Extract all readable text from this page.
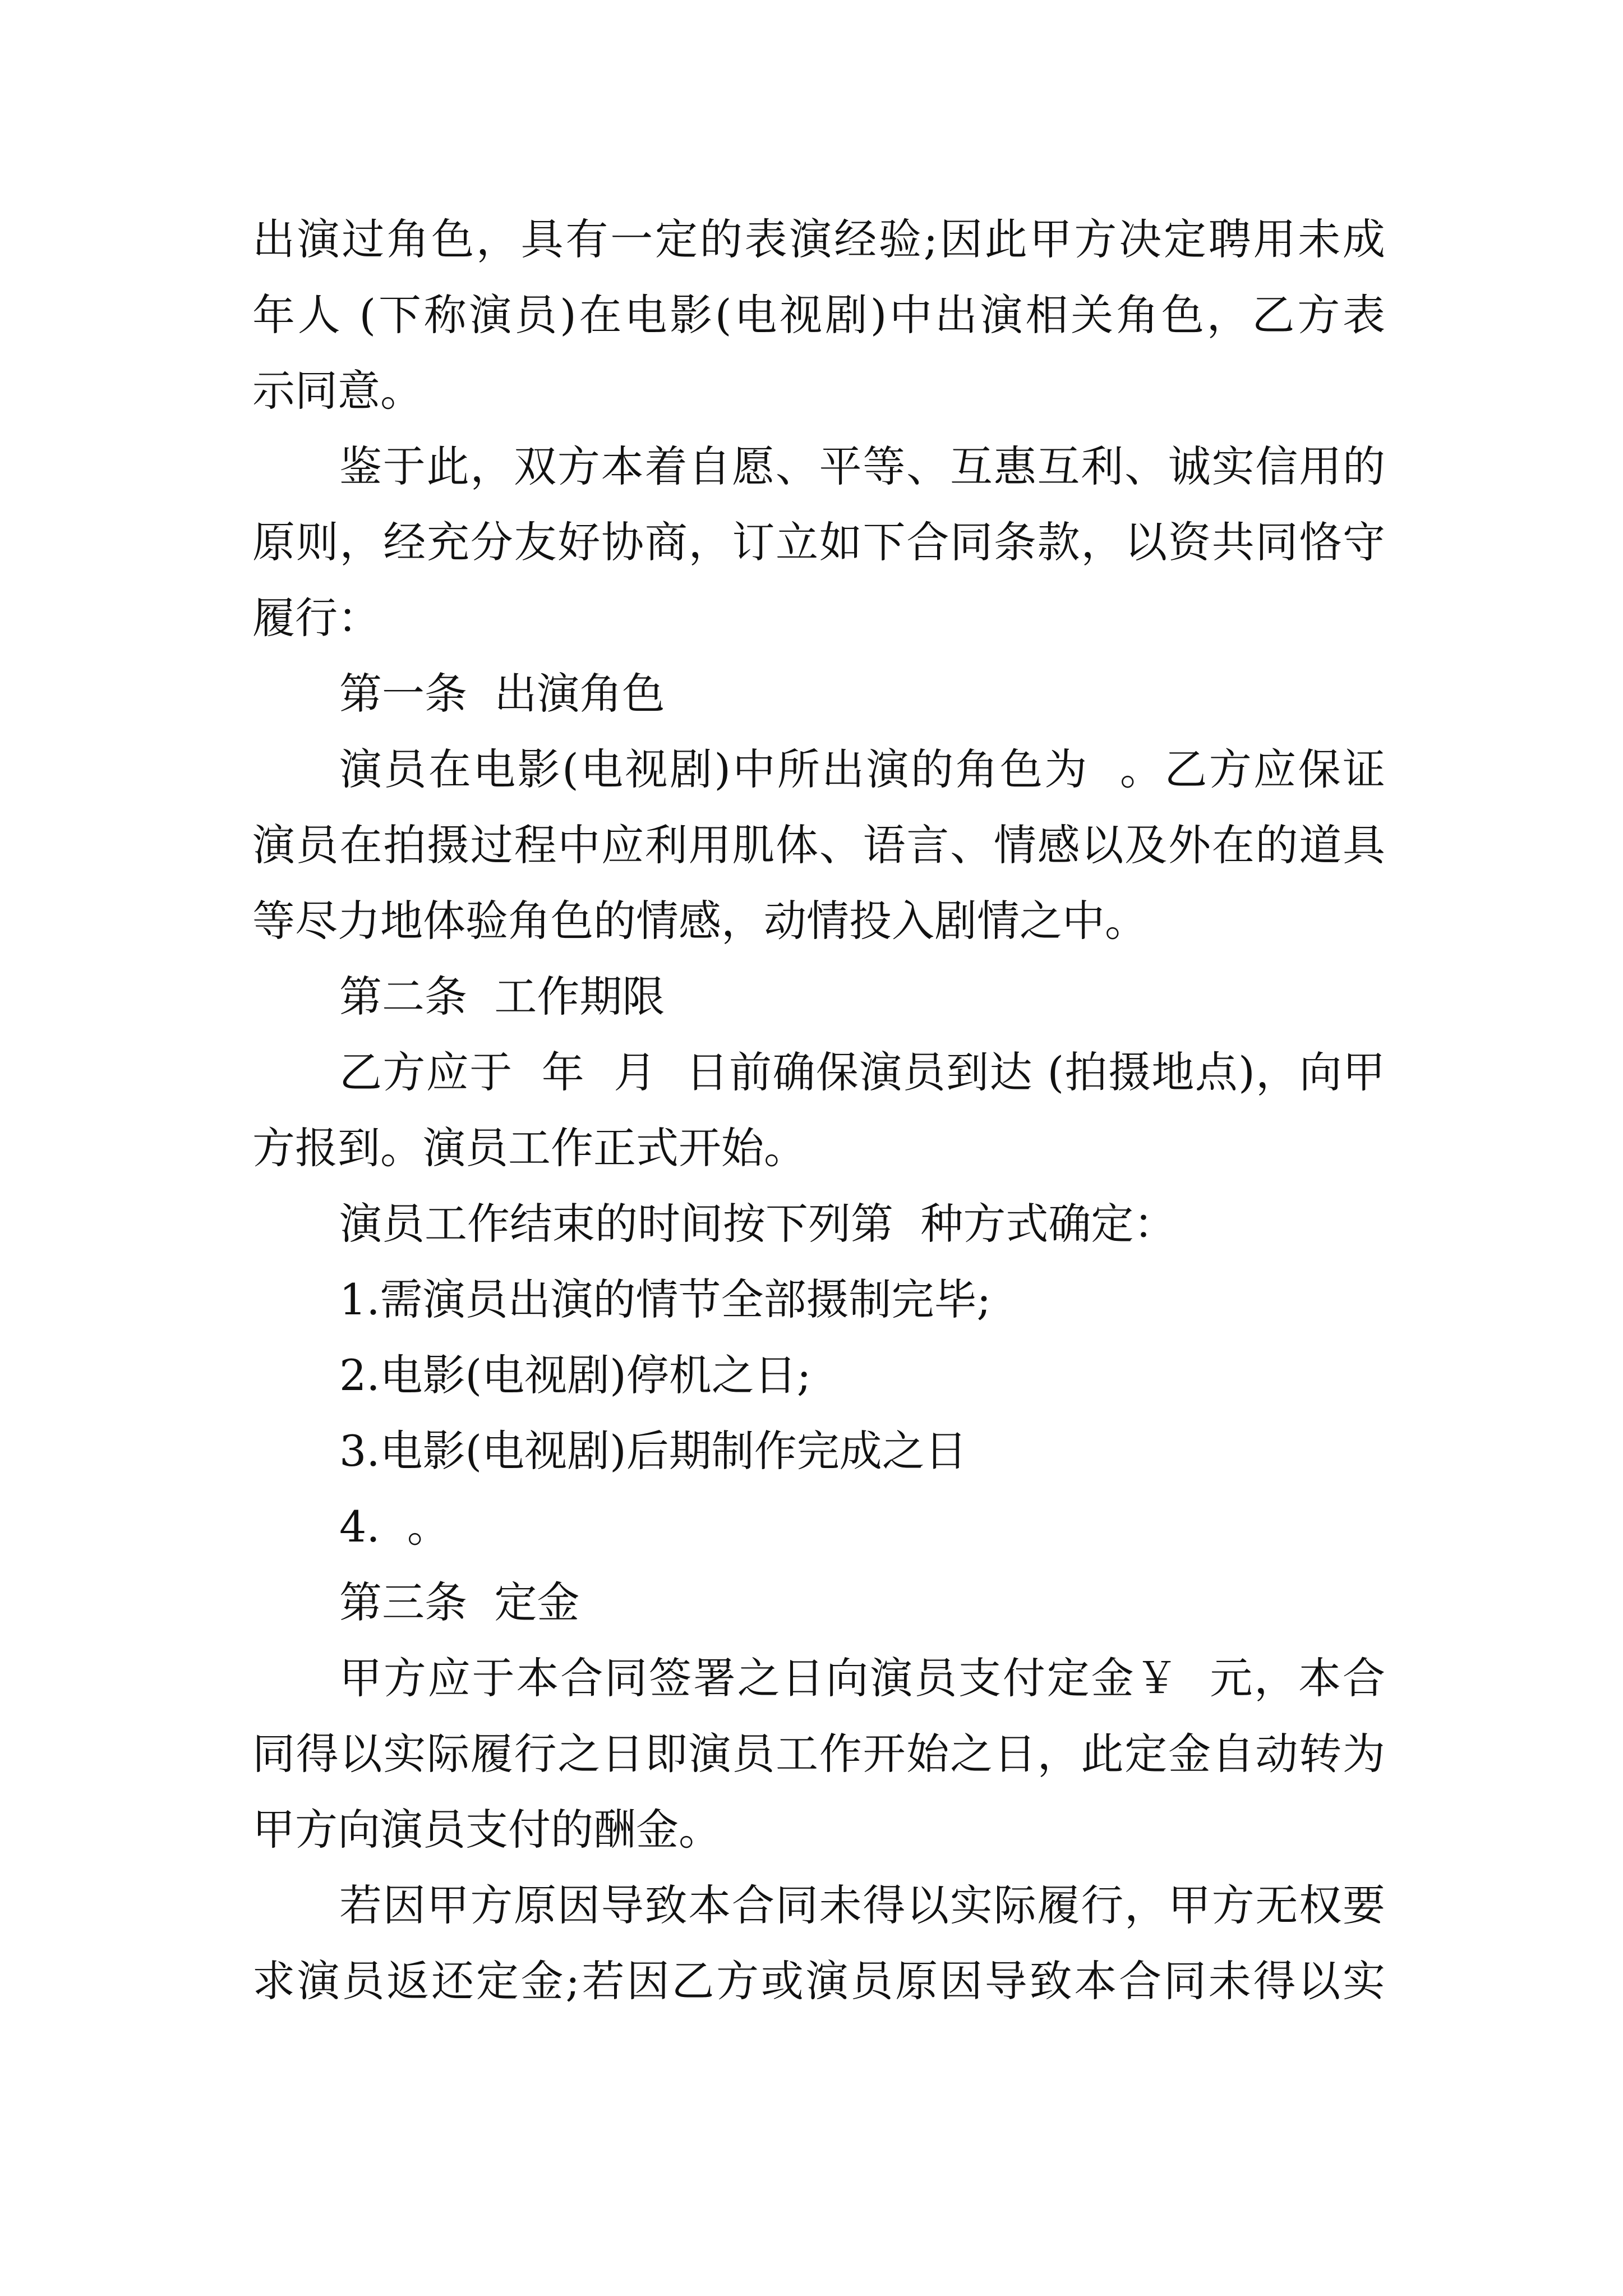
出演过角色，具有一定的表演经验;因此甲方决定聘用未成
年人 (下称演员)在电影(电视剧)中出演相关角色，乙方表
示同意。
鉴于此，双方本着自愿、平等、互惠互利、诚实信用的
原则，经充分友好协商，订立如下合同条款，以资共同恪守
履行：
第一条  出演角色
演员在电影(电视剧)中所出演的角色为  。乙方应保证
演员在拍摄过程中应利用肌体、语言、情感以及外在的道具
等尽力地体验角色的情感，动情投入剧情之中。
第二条  工作期限
乙方应于  年  月  日前确保演员到达 (拍摄地点)，向甲
方报到。演员工作正式开始。
演员工作结束的时间按下列第  种方式确定：
1.需演员出演的情节全部摄制完毕;
2.电影(电视剧)停机之日;
3.电影(电视剧)后期制作完成之日
4.  。
第三条  定金
甲方应于本合同签署之日向演员支付定金￥  元，本合
同得以实际履行之日即演员工作开始之日，此定金自动转为
甲方向演员支付的酬金。
若因甲方原因导致本合同未得以实际履行，甲方无权要
求演员返还定金;若因乙方或演员原因导致本合同未得以实
